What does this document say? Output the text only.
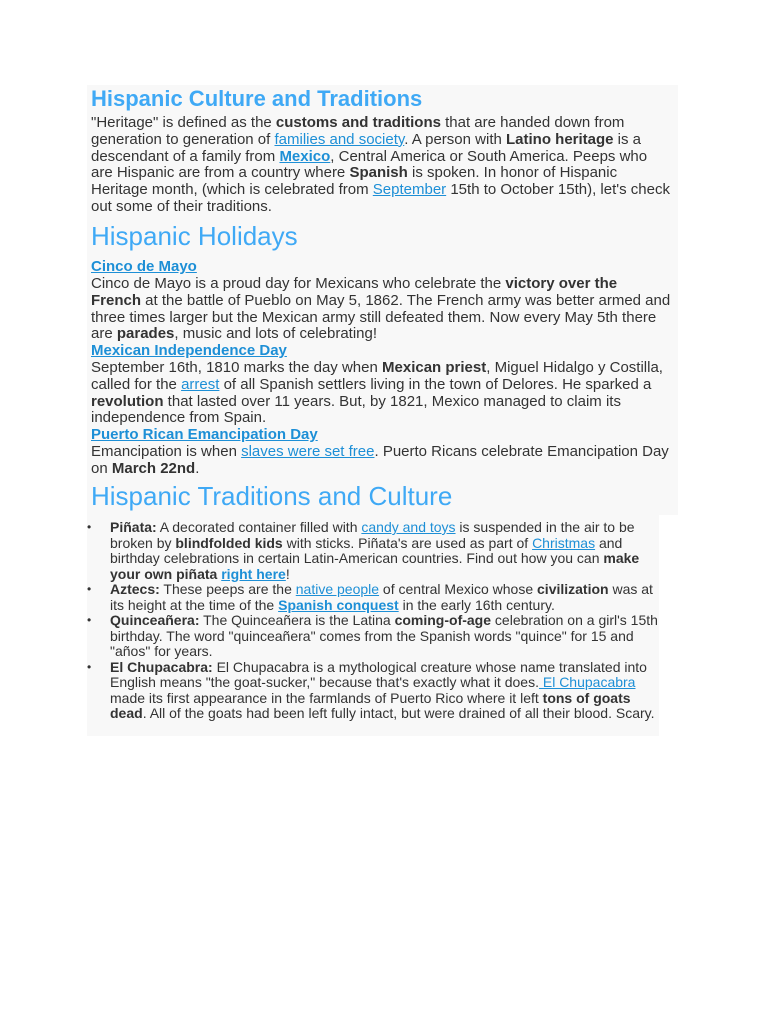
Hispanic Culture and Traditions

"Heritage" is defined as the customs and traditions that are handed down from generation to generation of families and society. A person with Latino heritage is a descendant of a family from Mexico, Central America or South America. Peeps who are Hispanic are from a country where Spanish is spoken. In honor of Hispanic Heritage month, (which is celebrated from September 15th to October 15th), let's check out some of their traditions.

Hispanic Holidays
Cinco de Mayo

Cinco de Mayo is a proud day for Mexicans who celebrate the victory over the French at the battle of Pueblo on May 5, 1862. The French army was better armed and three times larger but the Mexican army still defeated them. Now every May 5th there are parades, music and lots of celebrating!

Mexican Independence Day

September 16th, 1810 marks the day when Mexican priest, Miguel Hidalgo y Costilla, called for the arrest of all Spanish settlers living in the town of Delores. He sparked a revolution that lasted over 11 years. But, by 1821, Mexico managed to claim its independence from Spain.

Puerto Rican Emancipation Day

Emancipation is when slaves were set free. Puerto Ricans celebrate Emancipation Day on March 22nd.

Hispanic Traditions and Culture
• Piñata: A decorated container filled with candy and toys is suspended in the air to be broken by blindfolded kids with sticks. Piñata's are used as part of Christmas and birthday celebrations in certain Latin-American countries. Find out how you can make your own piñata right here!
• Aztecs: These peeps are the native people of central Mexico whose civilization was at its height at the time of the Spanish conquest in the early 16th century.
• Quinceañera: The Quinceañera is the Latina coming-of-age celebration on a girl's 15th birthday. The word "quinceañera" comes from the Spanish words "quince" for 15 and "años" for years.
• El Chupacabra: El Chupacabra is a mythological creature whose name translated into English means "the goat-sucker," because that's exactly what it does. El Chupacabra made its first appearance in the farmlands of Puerto Rico where it left tons of goats dead. All of the goats had been left fully intact, but were drained of all their blood. Scary.
